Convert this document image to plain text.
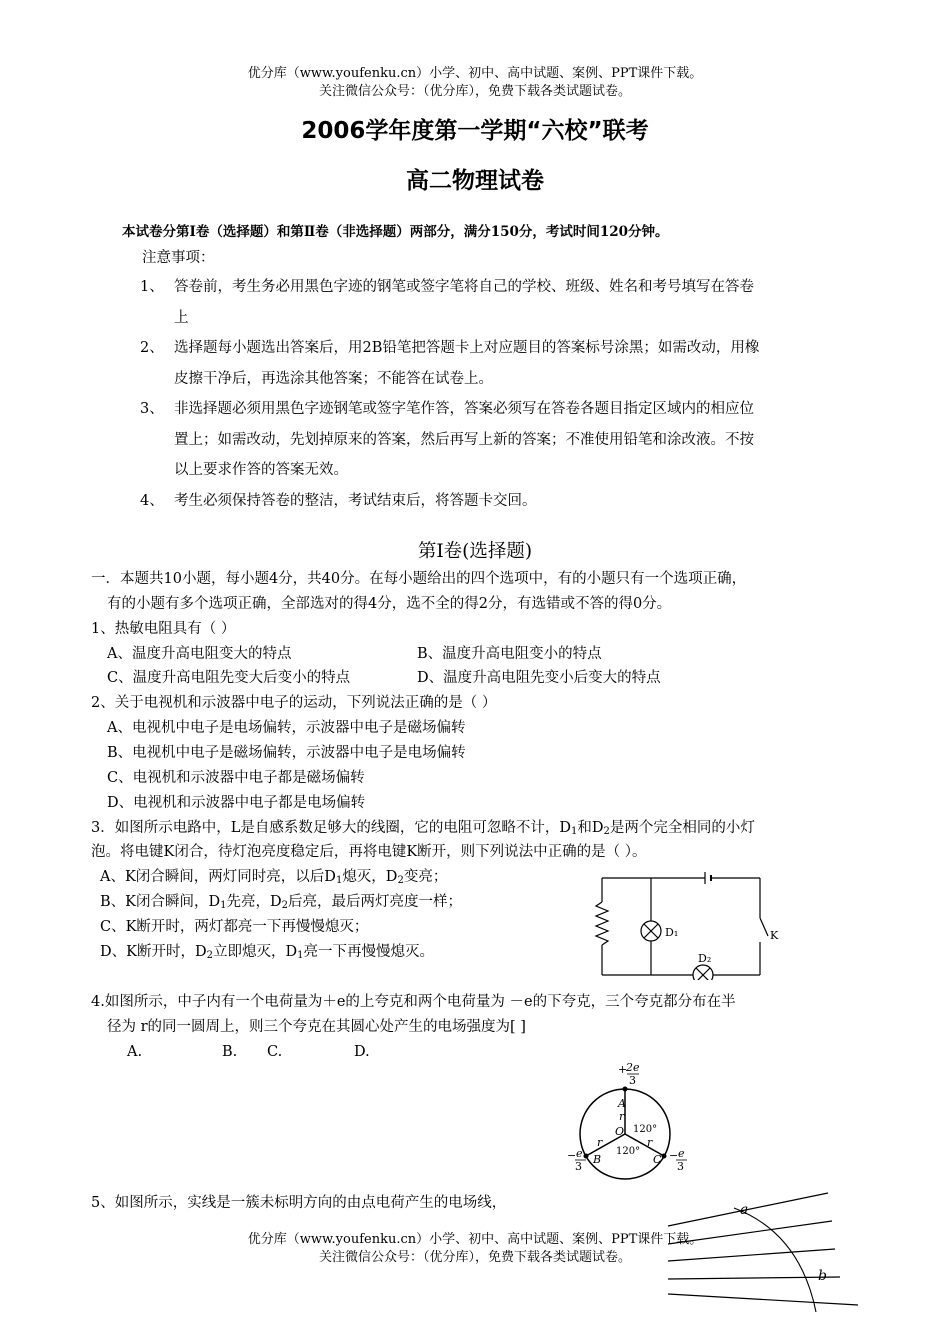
优分库（www.youfenku.cn）小学、初中、高中试题、案例、PPT课件下载。
关注微信公众号：（优分库），免费下载各类试题试卷。
2006学年度第一学期“六校”联考
高二物理试卷
本试卷分第Ⅰ卷（选择题）和第Ⅱ卷（非选择题）两部分，满分150分，考试时间120分钟。
注意事项：
1、 答卷前，考生务必用黑色字迹的钢笔或签字笔将自己的学校、班级、姓名和考号填写在答卷
上
2、 选择题每小题选出答案后，用2B铅笔把答题卡上对应题目的答案标号涂黑；如需改动，用橡
皮擦干净后，再选涂其他答案；不能答在试卷上。
3、 非选择题必须用黑色字迹钢笔或签字笔作答，答案必须写在答卷各题目指定区域内的相应位
置上；如需改动，先划掉原来的答案，然后再写上新的答案；不准使用铅笔和涂改液。不按
以上要求作答的答案无效。
4、 考生必须保持答卷的整洁，考试结束后，将答题卡交回。
第Ⅰ卷(选择题)
一．本题共10小题，每小题4分，共40分。在每小题给出的四个选项中，有的小题只有一个选项正确，
有的小题有多个选项正确，全部选对的得4分，选不全的得2分，有选错或不答的得0分。
1、热敏电阻具有（ ）
A、温度升高电阻变大的特点	B、温度升高电阻变小的特点
C、温度升高电阻先变大后变小的特点	D、温度升高电阻先变小后变大的特点
2、关于电视机和示波器中电子的运动，下列说法正确的是（ ）
A、电视机中电子是电场偏转，示波器中电子是磁场偏转
B、电视机中电子是磁场偏转，示波器中电子是电场偏转
C、电视机和示波器中电子都是磁场偏转
D、电视机和示波器中电子都是电场偏转
3．如图所示电路中，L是自感系数足够大的线圈，它的电阻可忽略不计，$D_1$和$D_2$是两个完全相同的小灯
泡。将电键K闭合，待灯泡亮度稳定后，再将电键K断开，则下列说法中正确的是（ ）。
A、K闭合瞬间，两灯同时亮，以后$D_1$熄灭，$D_2$变亮；
B、K闭合瞬间，$D_1$先亮，$D_2$后亮，最后两灯亮度一样；
C、K断开时，两灯都亮一下再慢慢熄灭；
D、K断开时，$D_2$立即熄灭，$D_1$亮一下再慢慢熄灭。
D₁
D₂
K
4.如图所示，中子内有一个电荷量为＋e的上夸克和两个电荷量为 －e的下夸克，三个夸克都分布在半
径为 r的同一圆周上，则三个夸克在其圆心处产生的电场强度为[ ]
A.	B. C.	D.
+
2e
3
A
O
r
r	r
B	C
− e
3
− e
3
120°
120°
5、如图所示，实线是一簇未标明方向的由点电荷产生的电场线，	a
b
优分库（www.youfenku.cn）小学、初中、高中试题、案例、PPT课件下载。
关注微信公众号：（优分库），免费下载各类试题试卷。
